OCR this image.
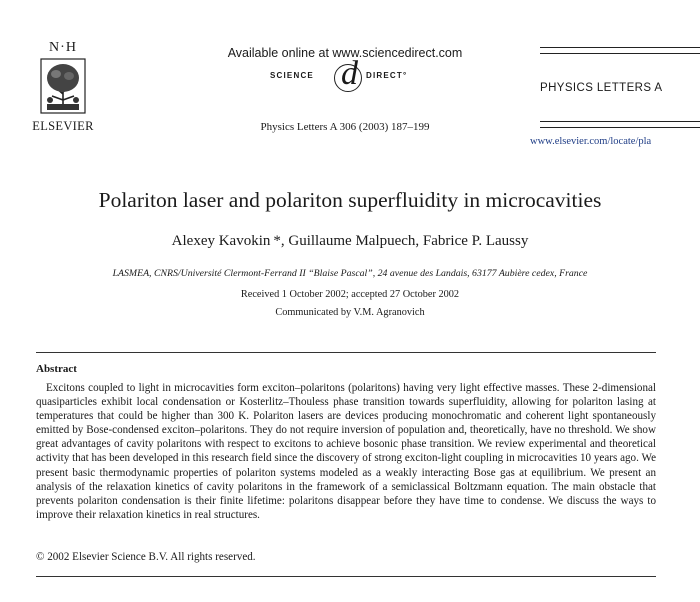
N·H
ELSEVIER
Available online at www.sciencedirect.com
SCIENCE d DIRECT°
Physics Letters A 306 (2003) 187–199
PHYSICS LETTERS A
www.elsevier.com/locate/pla
Polariton laser and polariton superfluidity in microcavities
Alexey Kavokin *, Guillaume Malpuech, Fabrice P. Laussy
LASMEA, CNRS/Université Clermont-Ferrand II “Blaise Pascal”, 24 avenue des Landais, 63177 Aubière cedex, France
Received 1 October 2002; accepted 27 October 2002
Communicated by V.M. Agranovich
Abstract
Excitons coupled to light in microcavities form exciton–polaritons (polaritons) having very light effective masses. These 2-dimensional quasiparticles exhibit local condensation or Kosterlitz–Thouless phase transition towards superfluidity, allowing for polariton lasing at temperatures that could be higher than 300 K. Polariton lasers are devices producing monochromatic and coherent light spontaneously emitted by Bose-condensed exciton–polaritons. They do not require inversion of population and, theoretically, have no threshold. We show great advantages of cavity polaritons with respect to excitons to achieve bosonic phase transition. We review experimental and theoretical activity that has been developed in this research field since the discovery of strong exciton-light coupling in microcavities 10 years ago. We present basic thermodynamic properties of polariton systems modeled as a weakly interacting Bose gas at equilibrium. We present an analysis of the relaxation kinetics of cavity polaritons in the framework of a semiclassical Boltzmann equation. The main obstacle that prevents polariton condensation is their finite lifetime: polaritons disappear before they have time to condense. We discuss the ways to improve their relaxation kinetics in real structures.
© 2002 Elsevier Science B.V. All rights reserved.
